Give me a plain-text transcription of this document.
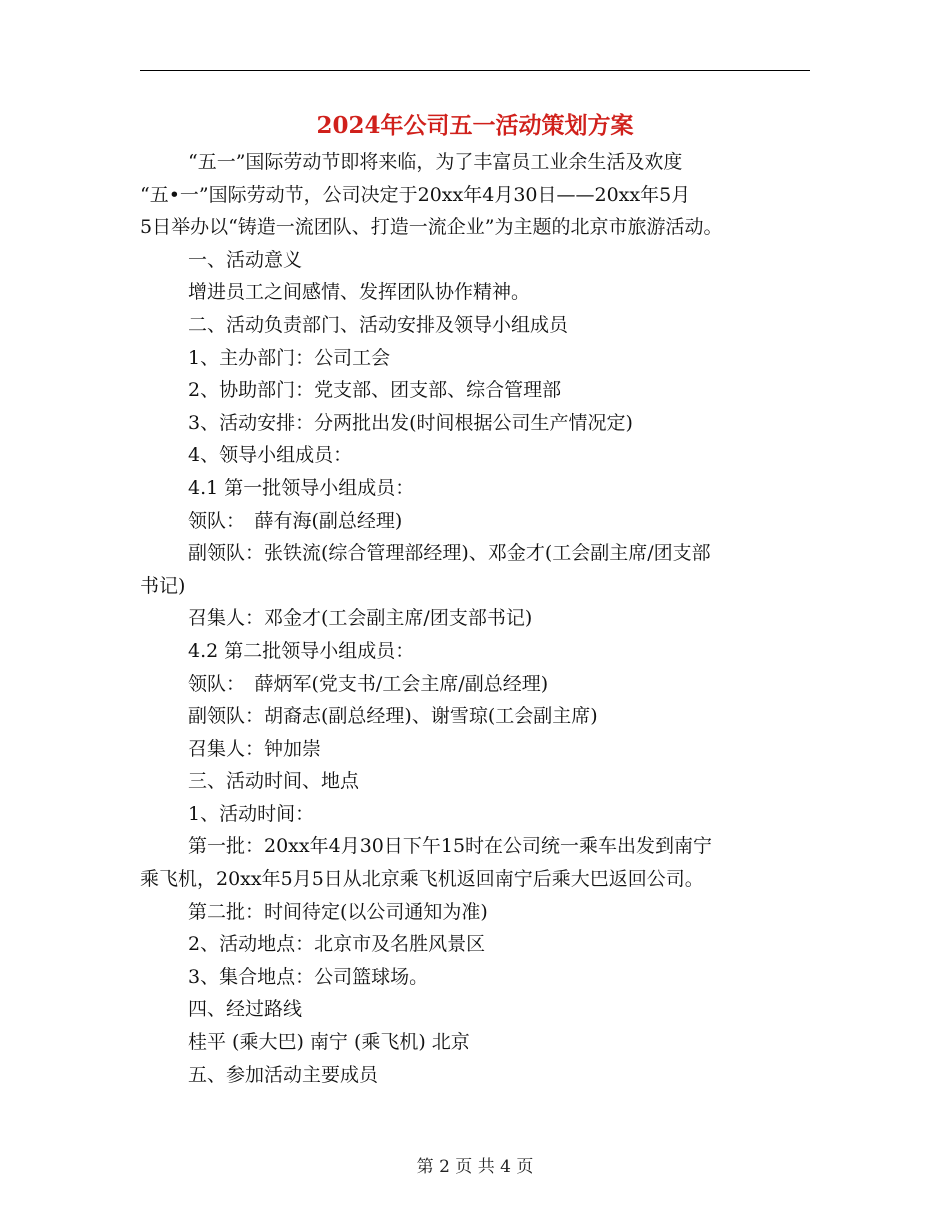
2024年公司五一活动策划方案
“五一”国际劳动节即将来临，为了丰富员工业余生活及欢度
“五•一”国际劳动节，公司决定于20xx年4月30日——20xx年5月
5日举办以“铸造一流团队、打造一流企业”为主题的北京市旅游活动。
一、活动意义
增进员工之间感情、发挥团队协作精神。
二、活动负责部门、活动安排及领导小组成员
1、主办部门：公司工会
2、协助部门：党支部、团支部、综合管理部
3、活动安排：分两批出发(时间根据公司生产情况定)
4、领导小组成员：
4.1 第一批领导小组成员：
领队：　薛有海(副总经理)
副领队：张铁流(综合管理部经理)、邓金才(工会副主席/团支部
书记)
召集人：邓金才(工会副主席/团支部书记)
4.2 第二批领导小组成员：
领队：　薛炳军(党支书/工会主席/副总经理)
副领队：胡裔志(副总经理)、谢雪琼(工会副主席)
召集人：钟加崇
三、活动时间、地点
1、活动时间：
第一批：20xx年4月30日下午15时在公司统一乘车出发到南宁
乘飞机，20xx年5月5日从北京乘飞机返回南宁后乘大巴返回公司。
第二批：时间待定(以公司通知为准)
2、活动地点：北京市及名胜风景区
3、集合地点：公司篮球场。
四、经过路线
桂平 (乘大巴) 南宁 (乘飞机) 北京
五、参加活动主要成员
第 2 页 共 4 页
